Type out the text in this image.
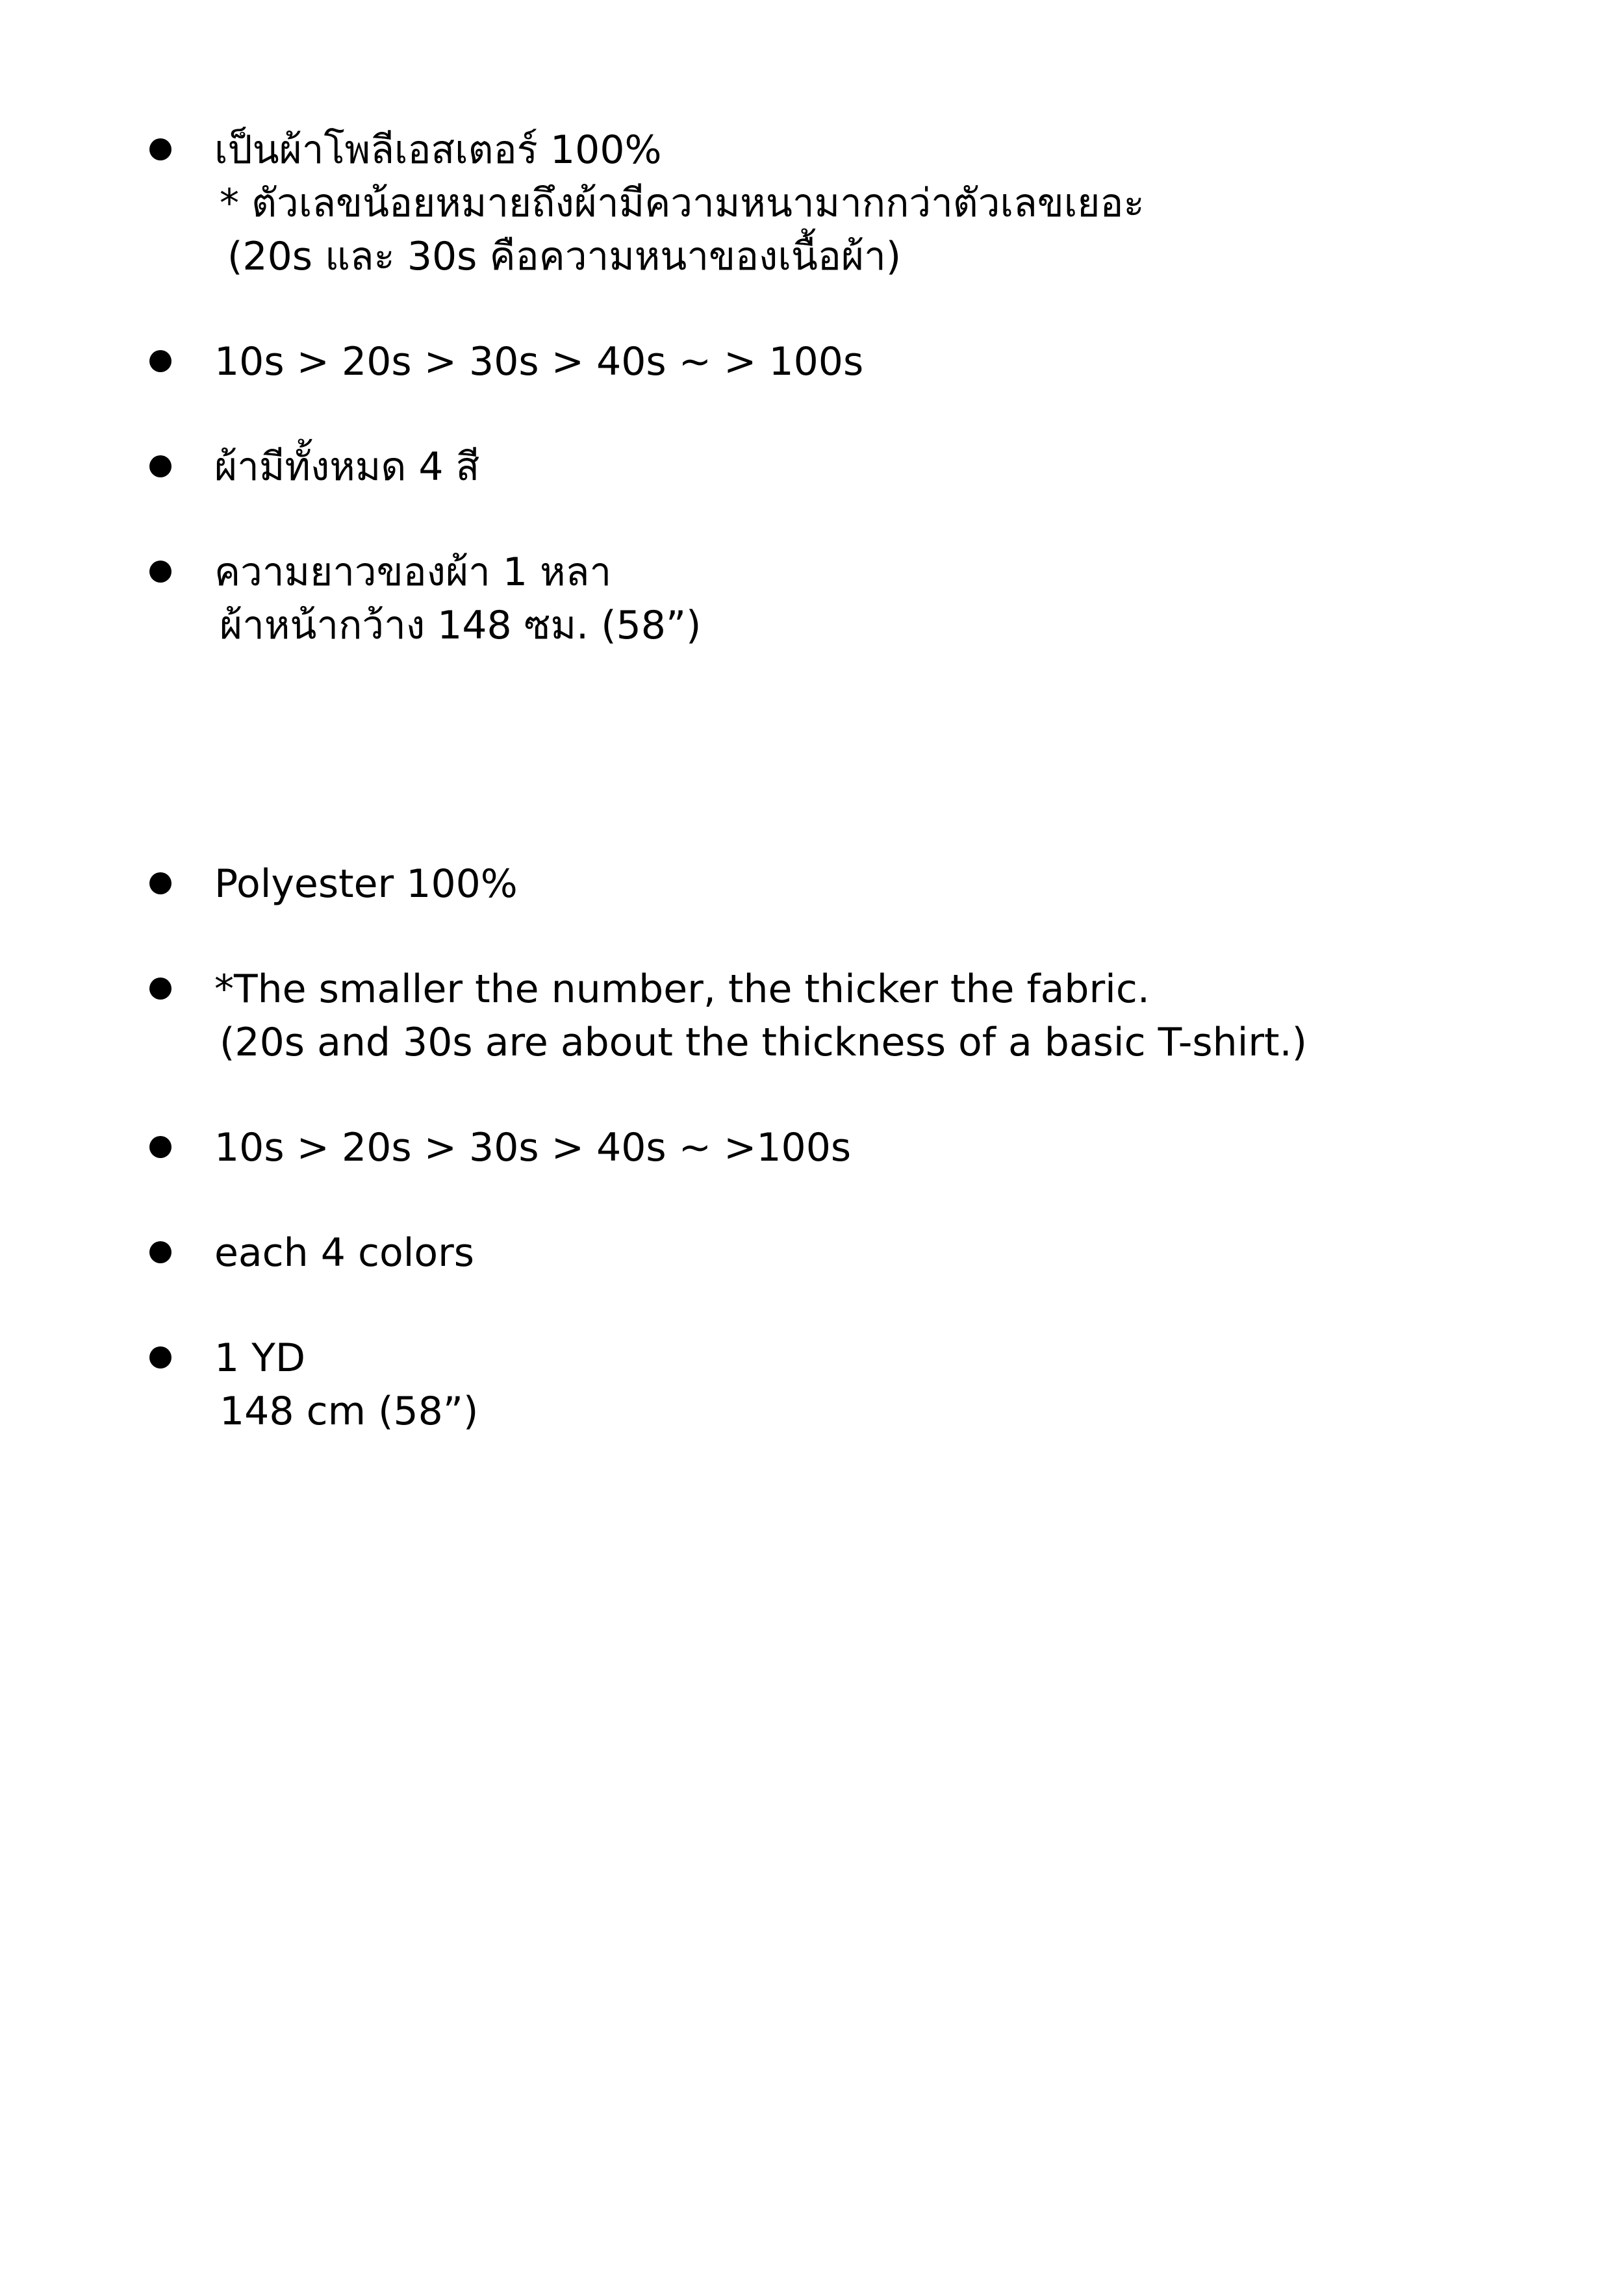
เป็นผ้าโพลีเอสเตอร์ 100%
* ตัวเลขน้อยหมายถึงผ้ามีความหนามากกว่าตัวเลขเยอะ
(20s และ 30s คือความหนาของเนื้อผ้า)
10s > 20s > 30s > 40s ~ > 100s
ผ้ามีทั้งหมด 4 สี
ความยาวของผ้า 1 หลา
ผ้าหน้ากว้าง 148 ซม. (58”)
Polyester 100%
*The smaller the number, the thicker the fabric.
(20s and 30s are about the thickness of a basic T-shirt.)
10s > 20s > 30s > 40s ~ >100s
each 4 colors
1 YD
148 cm (58”)
